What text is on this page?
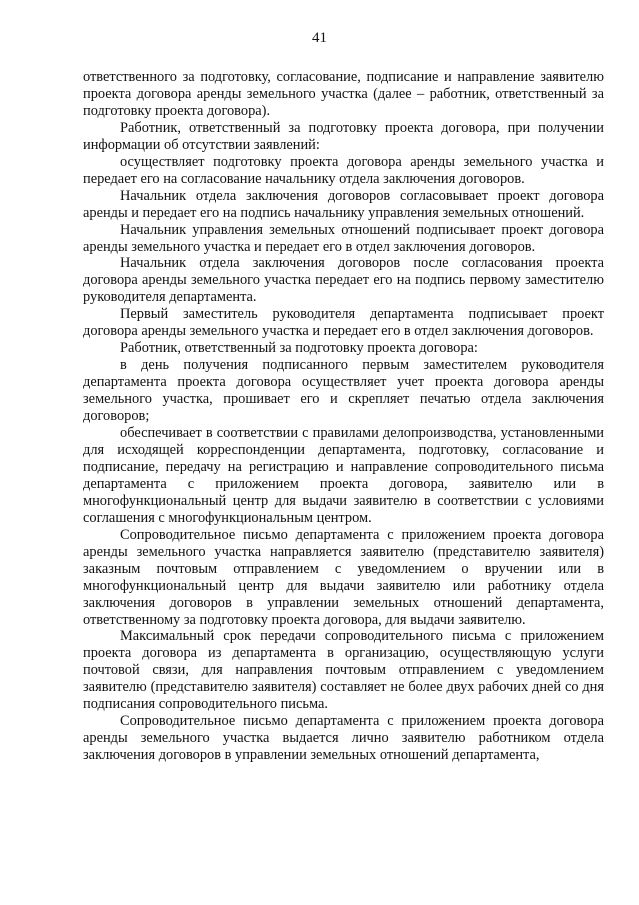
41

ответственного за подготовку, согласование, подписание и направление заявителю проекта договора аренды земельного участка (далее – работник, ответственный за подготовку проекта договора).

Работник, ответственный за подготовку проекта договора, при получении информации об отсутствии заявлений:

осуществляет подготовку проекта договора аренды земельного участка и передает его на согласование начальнику отдела заключения договоров.

Начальник отдела заключения договоров согласовывает проект договора аренды и передает его на подпись начальнику управления земельных отношений.

Начальник управления земельных отношений подписывает проект договора аренды земельного участка и передает его в отдел заключения договоров.

Начальник отдела заключения договоров после согласования проекта договора аренды земельного участка передает его на подпись первому заместителю руководителя департамента.

Первый заместитель руководителя департамента подписывает проект договора аренды земельного участка и передает его в отдел заключения договоров.

Работник, ответственный за подготовку проекта договора:

в день получения подписанного первым заместителем руководителя департамента проекта договора осуществляет учет проекта договора аренды земельного участка, прошивает его и скрепляет печатью отдела заключения договоров;

обеспечивает в соответствии с правилами делопроизводства, установленными для исходящей корреспонденции департамента, подготовку, согласование и подписание, передачу на регистрацию и направление сопроводительного письма департамента с приложением проекта договора, заявителю или в многофункциональный центр для выдачи заявителю в соответствии с условиями соглашения с многофункциональным центром.

Сопроводительное письмо департамента с приложением проекта договора аренды земельного участка направляется заявителю (представителю заявителя) заказным почтовым отправлением с уведомлением о вручении или в многофункциональный центр для выдачи заявителю или работнику отдела заключения договоров в управлении земельных отношений департамента, ответственному за подготовку проекта договора, для выдачи заявителю.

Максимальный срок передачи сопроводительного письма с приложением проекта договора из департамента в организацию, осуществляющую услуги почтовой связи, для направления почтовым отправлением с уведомлением заявителю (представителю заявителя) составляет не более двух рабочих дней со дня подписания сопроводительного письма.

Сопроводительное письмо департамента с приложением проекта договора аренды земельного участка выдается лично заявителю работником отдела заключения договоров в управлении земельных отношений департамента,
